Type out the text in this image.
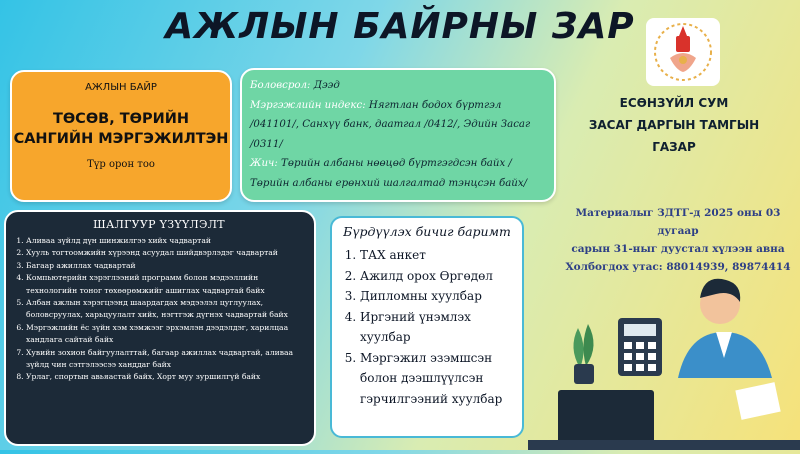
АЖЛЫН БАЙРНЫ ЗАР
АЖЛЫН БАЙР
ТӨСӨВ, ТӨРИЙН САНГИЙН МЭРГЭЖИЛТЭН
Түр орон тоо
Боловсрол: Дээд
Мэргэжлийн индекс: Нягтлан бодох бүртгэл /041101/, Санхүү банк, даатгал /0412/, Эдийн Засаг /0311/
Жич: Төрийн албаны нөөцөд бүртгэгдсэн байх /Төрийн албаны ерөнхий шалгалтад тэнцсэн байх/
ЕСӨНЗҮЙЛ СУМ
ЗАСАГ ДАРГЫН ТАМГЫН
ГАЗАР
ШАЛГУУР ҮЗҮҮЛЭЛТ
1. Аливаа зүйлд дүн шинжилгээ хийх чадвартай
2. Хууль тогтоомжийн хүрээнд асуудал шийдвэрлэдэг чадвартай
3. Багаар ажиллах чадвартай
4. Компьютерийн хэрэглээний программ болон мэдээллийн технологийн тоног төхөөрөмжийг ашиглах чадвартай байх
5. Албан ажлын хэрэгцээнд шаардагдах мэдээлэл цуглуулах, боловсруулах, харьцуулалт хийх, нэгтгэж дүгнэх чадвартай байх
6. Мэргэжлийн ёс зүйн хэм хэмжээг эрхэмлэн дээдэлдэг, харилцаа хандлага сайтай байх
7. Хувийн зохион байгуулалттай, багаар ажиллах чадвартай, аливаа зүйлд чин сэтгэлээсээ ханддаг байх
8. Урлаг, спортын авьяастай байх, Хорт муу зуршилгүй байх
Бүрдүүлэх бичиг баримт
1. ТАХ анкет
2. Ажилд орох Өргөдөл
3. Дипломны хуулбар
4. Иргэний үнэмлэх хуулбар
5. Мэргэжил эзэмшсэн болон дээшлүүлсэн гэрчилгээний хуулбар
Материалыг ЗДТГ-д 2025 оны 03 дугаар
сарын 31-ныг дуустал хүлээн авна
Холбогдох утас: 88014939, 89874414
